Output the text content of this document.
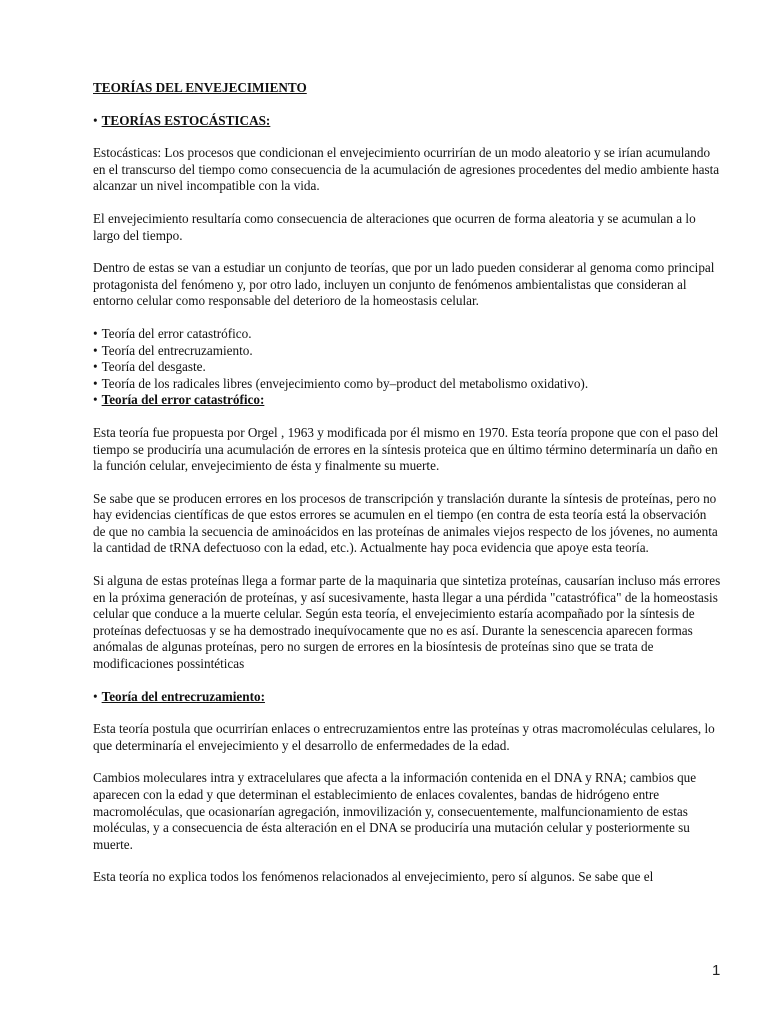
TEORÍAS DEL ENVEJECIMIENTO
• TEORÍAS ESTOCÁSTICAS:

Estocásticas: Los procesos que condicionan el envejecimiento ocurrirían de un modo aleatorio y se irían acumulando en el transcurso del tiempo como consecuencia de la acumulación de agresiones procedentes del medio ambiente hasta alcanzar un nivel incompatible con la vida.

El envejecimiento resultaría como consecuencia de alteraciones que ocurren de forma aleatoria y se acumulan a lo largo del tiempo.

Dentro de estas se van a estudiar un conjunto de teorías, que por un lado pueden considerar al genoma como principal protagonista del fenómeno y, por otro lado, incluyen un conjunto de fenómenos ambientalistas que consideran al entorno celular como responsable del deterioro de la homeostasis celular.

• Teoría del error catastrófico.
• Teoría del entrecruzamiento.
• Teoría del desgaste.
• Teoría de los radicales libres (envejecimiento como by–product del metabolismo oxidativo).
• Teoría del error catastrófico:

Esta teoría fue propuesta por Orgel , 1963 y modificada por él mismo en 1970. Esta teoría propone que con el paso del tiempo se produciría una acumulación de errores en la síntesis proteica que en último término determinaría un daño en la función celular, envejecimiento de ésta y finalmente su muerte.

Se sabe que se producen errores en los procesos de transcripción y translación durante la síntesis de proteínas, pero no hay evidencias científicas de que estos errores se acumulen en el tiempo (en contra de esta teoría está la observación de que no cambia la secuencia de aminoácidos en las proteínas de animales viejos respecto de los jóvenes, no aumenta la cantidad de tRNA defectuoso con la edad, etc.). Actualmente hay poca evidencia que apoye esta teoría.

Si alguna de estas proteínas llega a formar parte de la maquinaria que sintetiza proteínas, causarían incluso más errores en la próxima generación de proteínas, y así sucesivamente, hasta llegar a una pérdida "catastrófica" de la homeostasis celular que conduce a la muerte celular. Según esta teoría, el envejecimiento estaría acompañado por la síntesis de proteínas defectuosas y se ha demostrado inequívocamente que no es así. Durante la senescencia aparecen formas anómalas de algunas proteínas, pero no surgen de errores en la biosíntesis de proteínas sino que se trata de modificaciones possintéticas

• Teoría del entrecruzamiento:

Esta teoría postula que ocurrirían enlaces o entrecruzamientos entre las proteínas y otras macromoléculas celulares, lo que determinaría el envejecimiento y el desarrollo de enfermedades de la edad.

Cambios moleculares intra y extracelulares que afecta a la información contenida en el DNA y RNA; cambios que aparecen con la edad y que determinan el establecimiento de enlaces covalentes, bandas de hidrógeno entre macromoléculas, que ocasionarían agregación, inmovilización y, consecuentemente, malfuncionamiento de estas moléculas, y a consecuencia de ésta alteración en el DNA se produciría una mutación celular y posteriormente su muerte.

Esta teoría no explica todos los fenómenos relacionados al envejecimiento, pero sí algunos. Se sabe que el

1
